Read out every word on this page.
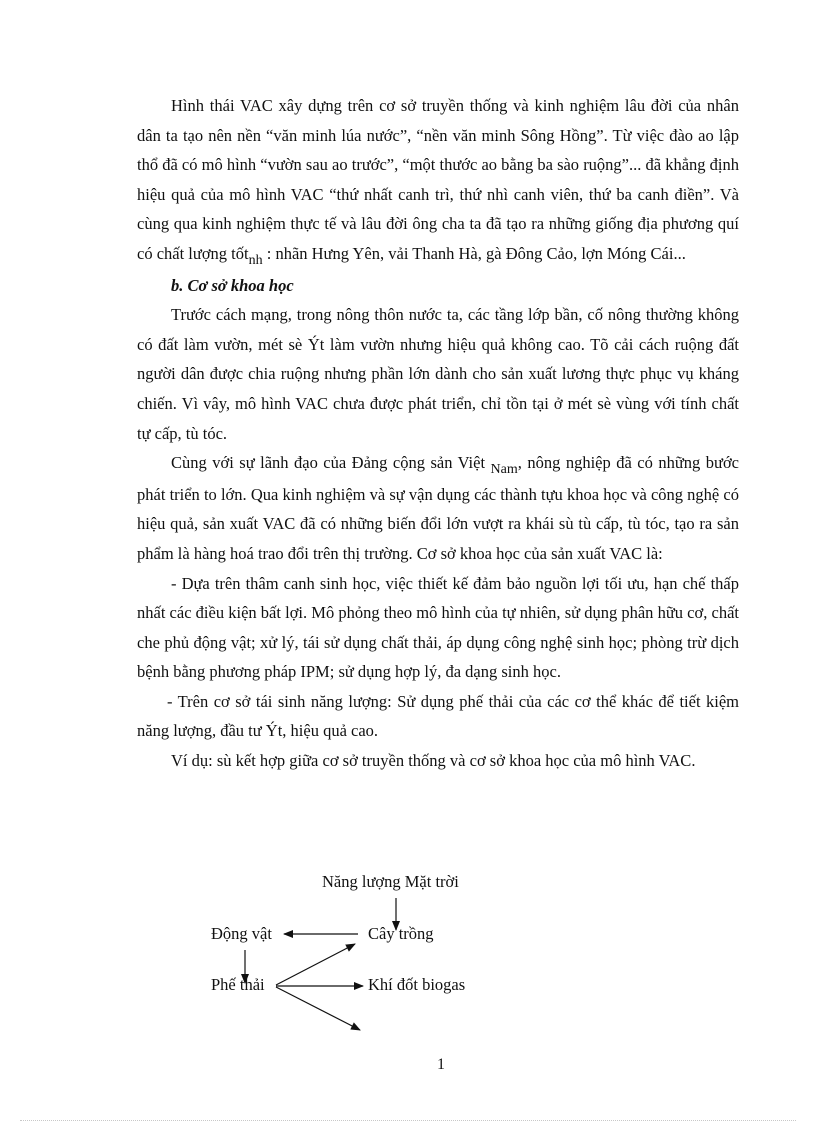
Hình thái VAC xây dựng trên cơ sở truyền thống và kinh nghiệm lâu đời của nhân dân ta tạo nên nền “văn minh lúa nước”, “nền văn minh Sông Hồng”. Từ việc đào ao lập thổ đã có mô hình “vườn sau ao trước”, “một thước ao bằng ba sào ruộng”... đã khẳng định hiệu quả của mô hình VAC “thứ nhất canh trì, thứ nhì canh viên, thứ ba canh điền”. Và cùng qua kinh nghiệm thực tế và lâu đời ông cha ta đã tạo ra những giống địa phương quí có chất lượng tốt$_{nh}$ : nhãn Hưng Yên, vải Thanh Hà, gà Đông Cảo, lợn Móng Cái...

b. Cơ sở khoa học

Trước cách mạng, trong nông thôn nước ta, các tầng lớp bần, cố nông thường không có đất làm vườn, mét sè Ýt làm vườn nhưng hiệu quả không cao. Tõ cải cách ruộng đất người dân được chia ruộng nhưng phần lớn dành cho sản xuất lương thực phục vụ kháng chiến. Vì vây, mô hình VAC chưa được phát triển, chỉ tồn tại ở mét sè vùng với tính chất tự cấp, tù tóc.

Cùng với sự lãnh đạo của Đảng cộng sản Việt $_{Nam}$, nông nghiệp đã có những bước phát triển to lớn. Qua kinh nghiệm và sự vận dụng các thành tựu khoa học và công nghệ có hiệu quả, sản xuất VAC đã có những biến đổi lớn vượt ra khái sù tù cấp, tù tóc, tạo ra sản phẩm là hàng hoá trao đổi trên thị trường. Cơ sở khoa học của sản xuất VAC là:

- Dựa trên thâm canh sinh học, việc thiết kế đảm bảo nguồn lợi tối ưu, hạn chế thấp nhất các điều kiện bất lợi. Mô phỏng theo mô hình của tự nhiên, sử dụng phân hữu cơ, chất che phủ động vật; xử lý, tái sử dụng chất thải, áp dụng công nghệ sinh học; phòng trừ dịch bệnh bằng phương pháp IPM; sử dụng hợp lý, đa dạng sinh học.

- Trên cơ sở tái sinh năng lượng: Sử dụng phế thải của các cơ thể khác để tiết kiệm năng lượng, đầu tư Ýt, hiệu quả cao.

Ví dụ: sù kết hợp giữa cơ sở truyền thống và cơ sở khoa học của mô hình VAC.

Năng lượng Mặt trời
Động vật	Cây trồng
Phế thải	Khí đốt biogas
1
